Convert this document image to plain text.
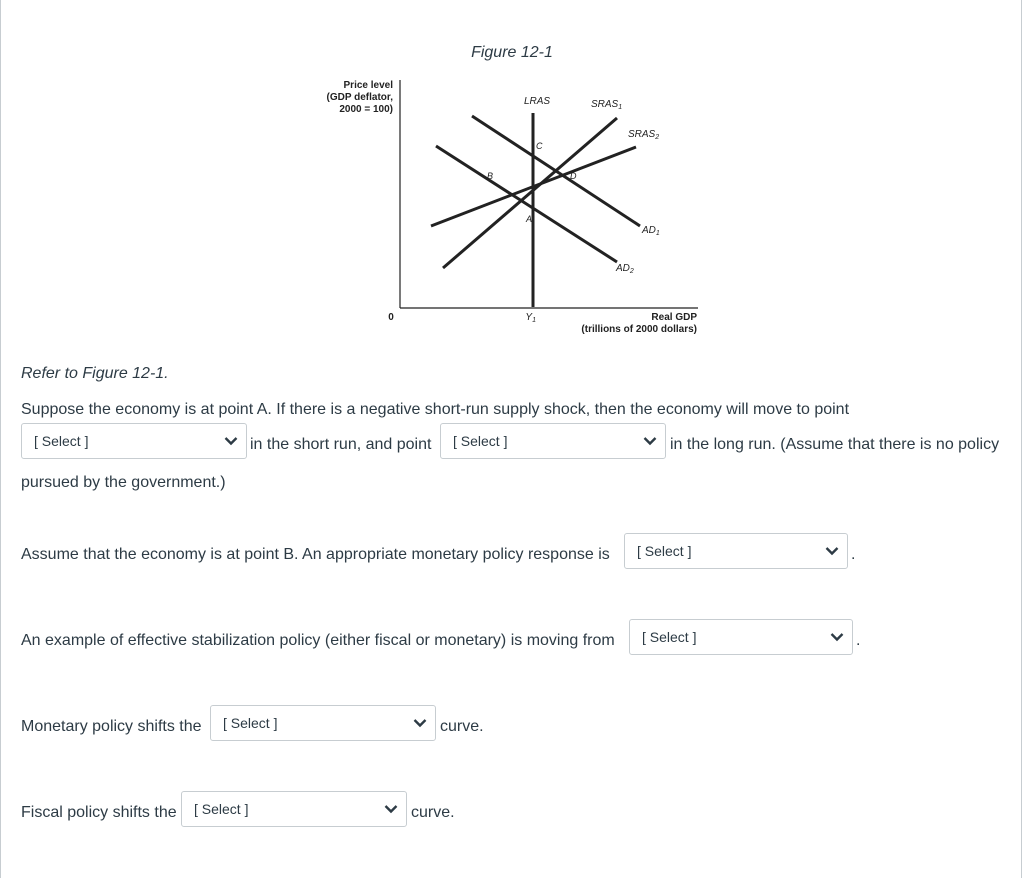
Figure 12-1
Price level
(GDP deflator,
2000 = 100)
0	$Y_1$	Real GDP
(trillions of 2000 dollars)
LRAS	$SRAS_1$
$SRAS_2$
$AD_1$
$AD_2$
A
B
C
D
Refer to Figure 12-1.
Suppose the economy is at point A. If there is a negative short-run supply shock, then the economy will move to point
[ Select ]	in the short run, and point [ Select ]	in the long run. (Assume that there is no policy
pursued by the government.)
Assume that the economy is at point B. An appropriate monetary policy response is [ Select ]	.
An example of effective stabilization policy (either fiscal or monetary) is moving from [ Select ]	.
Monetary policy shifts the [ Select ]	curve.
Fiscal policy shifts the [ Select ]	curve.
